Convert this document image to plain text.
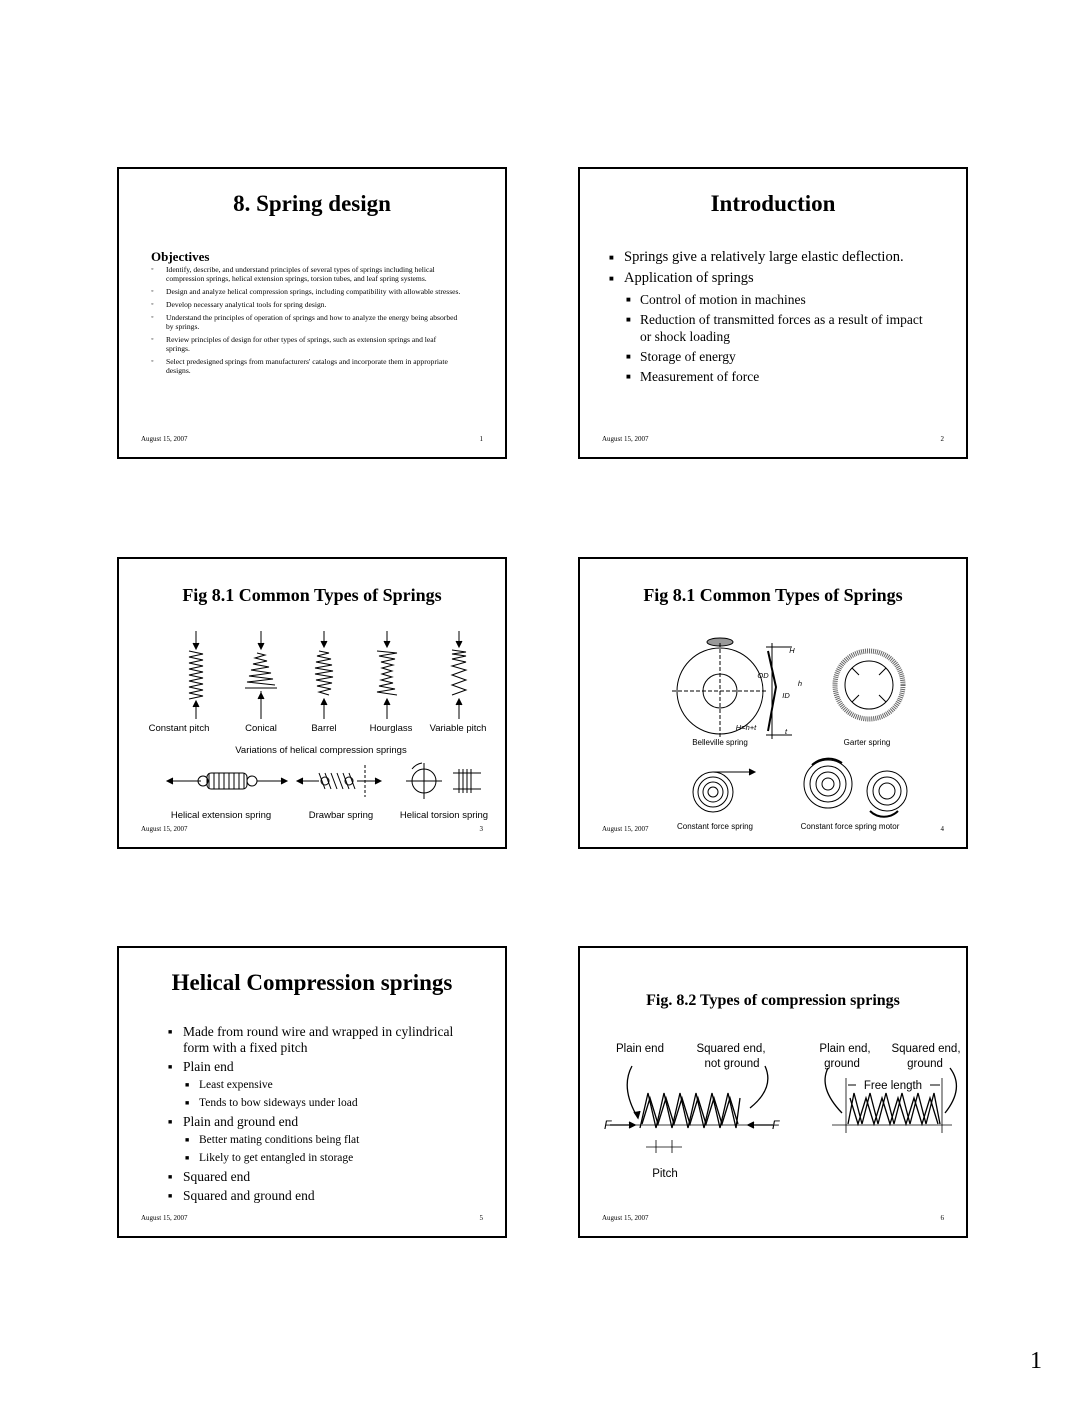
8. Spring design
Objectives
◦ Identify, describe, and understand principles of several types of springs including helical compression springs, helical extension springs, torsion tubes, and leaf spring systems.
◦ Design and analyze helical compression springs, including compatibility with allowable stresses.
◦ Develop necessary analytical tools for spring design.
◦ Understand the principles of operation of springs and how to analyze the energy being absorbed by springs.
◦ Review principles of design for other types of springs, such as extension springs and leaf springs.
◦ Select predesigned springs from manufacturers' catalogs and incorporate them in appropriate designs.
August 15, 2007	1
Introduction
■ Springs give a relatively large elastic deflection.
■ Application of springs
■ Control of motion in machines
■ Reduction of transmitted forces as a result of impact or shock loading
■ Storage of energy
■ Measurement of force
August 15, 2007	2
Fig 8.1 Common Types of Springs
Constant pitch	Conical	Barrel	Hourglass Variable pitch
Variations of helical compression springs
Helical extension spring	Drawbar spring	Helical torsion spring
August 15, 2007	3
Fig 8.1 Common Types of Springs
H
OD
ID
h
t
H=h+t
Belleville spring	Garter spring
Constant force spring	Constant force spring motor
August 15, 2007	4
Helical Compression springs
■ Made from round wire and wrapped in cylindrical form with a fixed pitch
■ Plain end
■ Least expensive
■ Tends to bow sideways under load
■ Plain and ground end
■ Better mating conditions being flat
■ Likely to get entangled in storage
■ Squared end
■ Squared and ground end
August 15, 2007	5
Fig. 8.2 Types of compression springs
Plain end	Squared end,
not ground
Plain end,
ground
Squared end,
ground
Free length
Pitch
F	F
August 15, 2007	6
1
